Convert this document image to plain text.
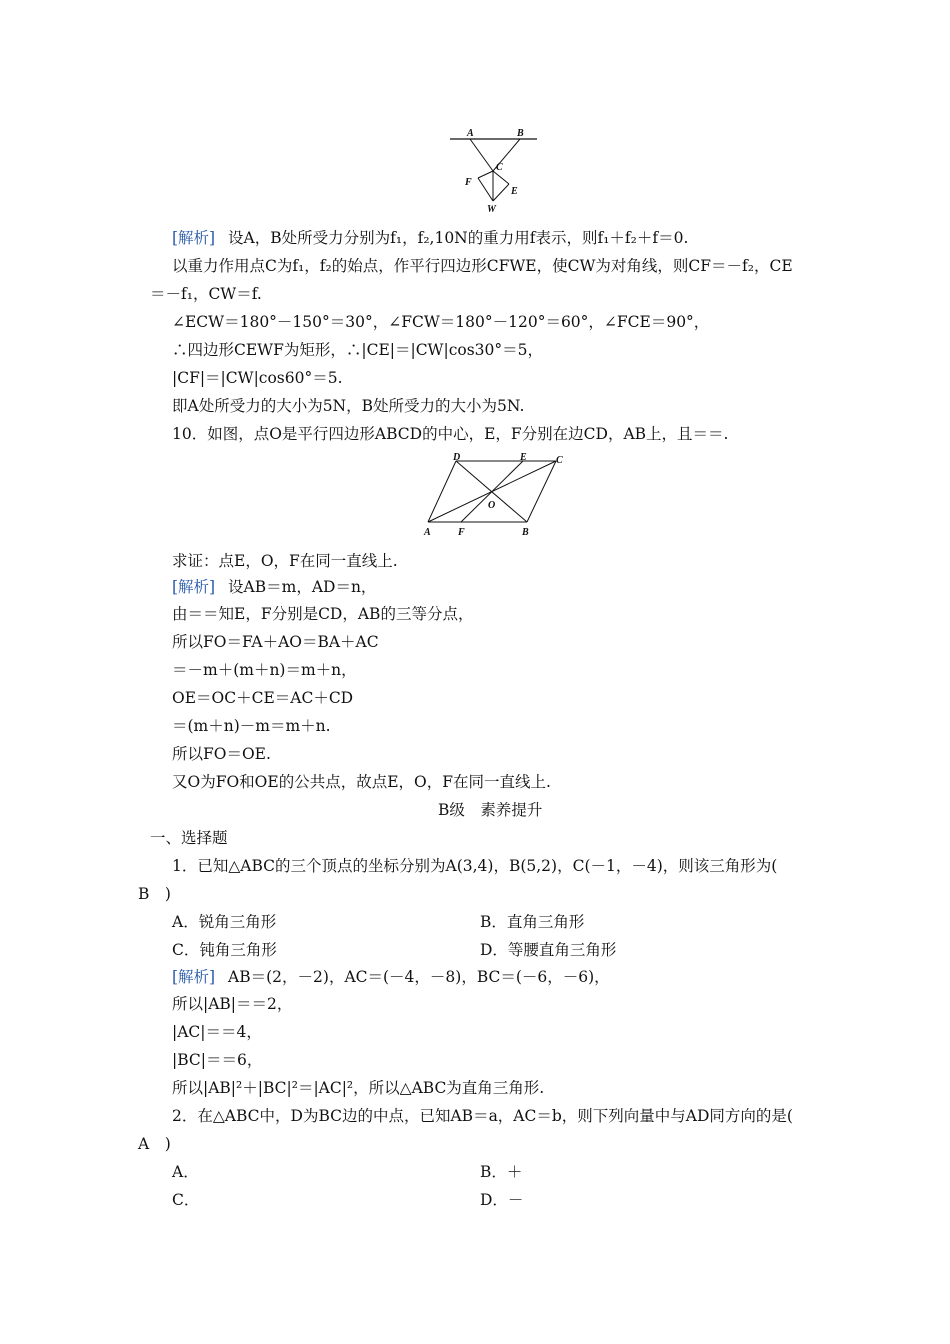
A	B
C
F
E
W
[解析] 设A，B处所受力分别为f₁，f₂,10N的重力用f表示，则f₁＋f₂＋f＝0.
以重力作用点C为f₁，f₂的始点，作平行四边形CFWE，使CW为对角线，则CF＝－f₂，CE
＝－f₁，CW＝f.
∠ECW＝180°－150°＝30°，∠FCW＝180°－120°＝60°，∠FCE＝90°，
∴四边形CEWF为矩形，∴|CE|＝|CW|cos30°＝5，
|CF|＝|CW|cos60°＝5.
即A处所受力的大小为5N，B处所受力的大小为5N.
10．如图，点O是平行四边形ABCD的中心，E，F分别在边CD，AB上，且＝＝.
D	E	C
O
A	F	B
求证：点E，O，F在同一直线上.
[解析] 设AB＝m，AD＝n，
由＝＝知E，F分别是CD，AB的三等分点，
所以FO＝FA＋AO＝BA＋AC
＝－m＋(m＋n)＝m＋n，
OE＝OC＋CE＝AC＋CD
＝(m＋n)－m＝m＋n.
所以FO＝OE.
又O为FO和OE的公共点，故点E，O，F在同一直线上.
B级　素养提升
一、选择题
1．已知△ABC的三个顶点的坐标分别为A(3,4)，B(5,2)，C(－1，－4)，则该三角形为(
B　)
A．锐角三角形	B．直角三角形
C．钝角三角形	D．等腰直角三角形
[解析] AB＝(2，－2)，AC＝(－4，－8)，BC＝(－6，－6)，
所以|AB|＝＝2，
|AC|＝＝4，
|BC|＝＝6，
所以|AB|²＋|BC|²＝|AC|²，所以△ABC为直角三角形.
2．在△ABC中，D为BC边的中点，已知AB＝a，AC＝b，则下列向量中与AD同方向的是(
A　)
A．	B．＋
C．	D．－
